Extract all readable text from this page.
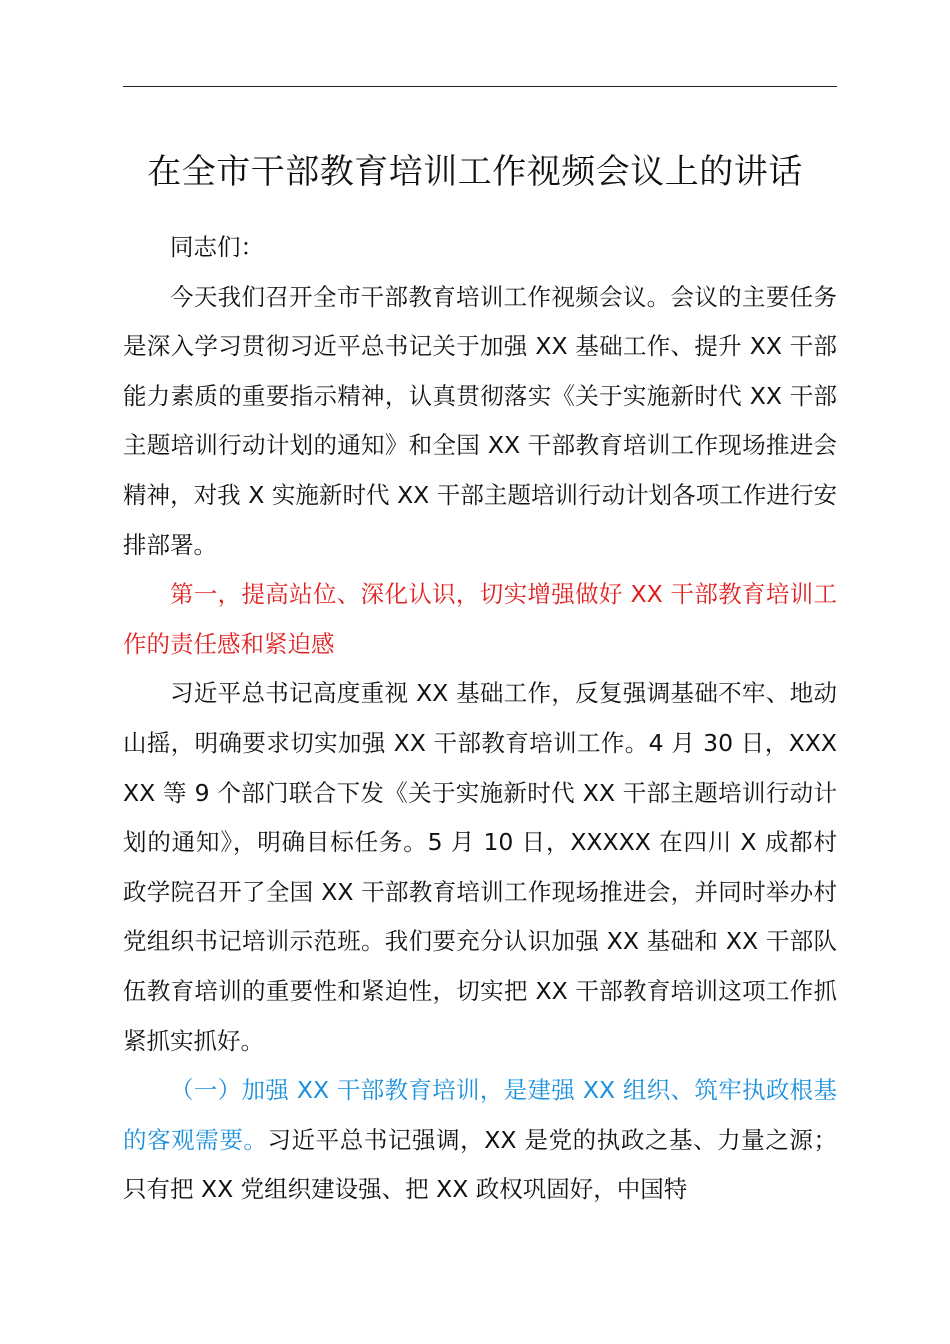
在全市干部教育培训工作视频会议上的讲话

同志们：

今天我们召开全市干部教育培训工作视频会议。会议的主要任务是深入学习贯彻习近平总书记关于加强 XX 基础工作、提升 XX 干部能力素质的重要指示精神，认真贯彻落实《关于实施新时代 XX 干部主题培训行动计划的通知》和全国 XX 干部教育培训工作现场推进会精神，对我 X 实施新时代 XX 干部主题培训行动计划各项工作进行安排部署。

第一，提高站位、深化认识，切实增强做好 XX 干部教育培训工作的责任感和紧迫感

习近平总书记高度重视 XX 基础工作，反复强调基础不牢、地动山摇，明确要求切实加强 XX 干部教育培训工作。4 月 30 日，XXXXX 等 9 个部门联合下发《关于实施新时代 XX 干部主题培训行动计划的通知》，明确目标任务。5 月 10 日，XXXXX 在四川 X 成都村政学院召开了全国 XX 干部教育培训工作现场推进会，并同时举办村党组织书记培训示范班。我们要充分认识加强 XX 基础和 XX 干部队伍教育培训的重要性和紧迫性，切实把 XX 干部教育培训这项工作抓紧抓实抓好。

（一）加强 XX 干部教育培训，是建强 XX 组织、筑牢执政根基的客观需要。习近平总书记强调，XX 是党的执政之基、力量之源；只有把 XX 党组织建设强、把 XX 政权巩固好，中国特
